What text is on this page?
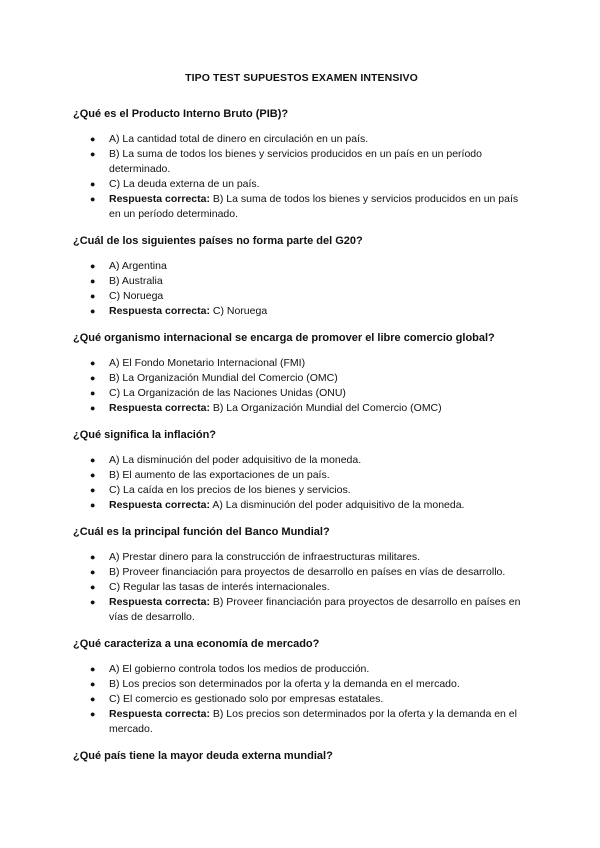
TIPO TEST SUPUESTOS EXAMEN INTENSIVO
¿Qué es el Producto Interno Bruto (PIB)?
● A) La cantidad total de dinero en circulación en un país.
● B) La suma de todos los bienes y servicios producidos en un país en un período determinado.
● C) La deuda externa de un país.
● Respuesta correcta: B) La suma de todos los bienes y servicios producidos en un país en un período determinado.
¿Cuál de los siguientes países no forma parte del G20?
● A) Argentina
● B) Australia
● C) Noruega
● Respuesta correcta: C) Noruega
¿Qué organismo internacional se encarga de promover el libre comercio global?
● A) El Fondo Monetario Internacional (FMI)
● B) La Organización Mundial del Comercio (OMC)
● C) La Organización de las Naciones Unidas (ONU)
● Respuesta correcta: B) La Organización Mundial del Comercio (OMC)
¿Qué significa la inflación?
● A) La disminución del poder adquisitivo de la moneda.
● B) El aumento de las exportaciones de un país.
● C) La caída en los precios de los bienes y servicios.
● Respuesta correcta: A) La disminución del poder adquisitivo de la moneda.
¿Cuál es la principal función del Banco Mundial?
● A) Prestar dinero para la construcción de infraestructuras militares.
● B) Proveer financiación para proyectos de desarrollo en países en vías de desarrollo.
● C) Regular las tasas de interés internacionales.
● Respuesta correcta: B) Proveer financiación para proyectos de desarrollo en países en vías de desarrollo.
¿Qué caracteriza a una economía de mercado?
● A) El gobierno controla todos los medios de producción.
● B) Los precios son determinados por la oferta y la demanda en el mercado.
● C) El comercio es gestionado solo por empresas estatales.
● Respuesta correcta: B) Los precios son determinados por la oferta y la demanda en el mercado.
¿Qué país tiene la mayor deuda externa mundial?
